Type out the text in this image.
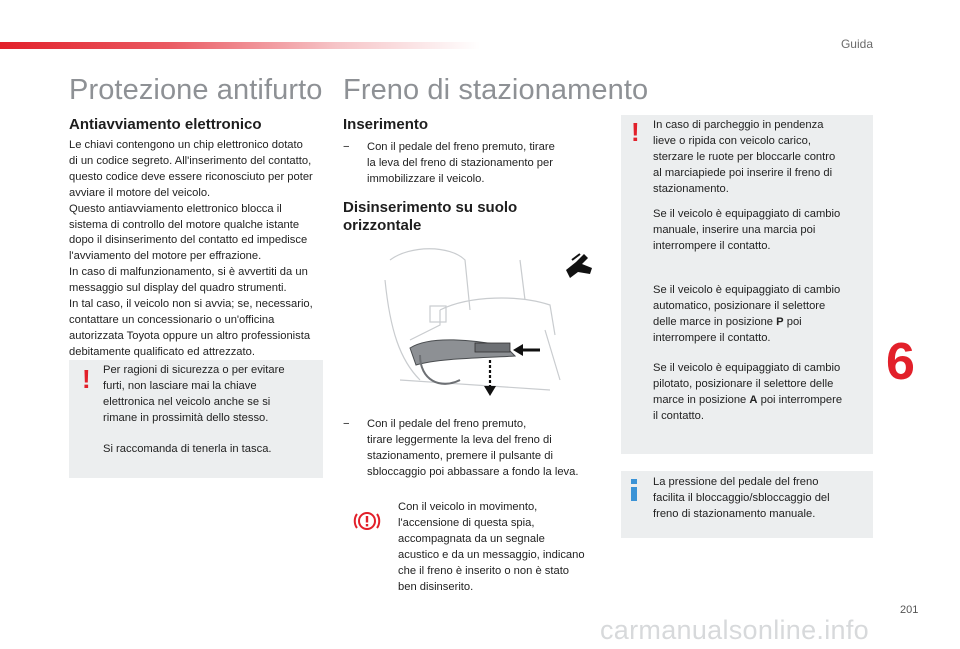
Guida
Protezione antifurto
Antiavviamento elettronico
Le chiavi contengono un chip elettronico dotato
di un codice segreto. All'inserimento del contatto,
questo codice deve essere riconosciuto per poter
avviare il motore del veicolo.
Questo antiavviamento elettronico blocca il
sistema di controllo del motore qualche istante
dopo il disinserimento del contatto ed impedisce
l'avviamento del motore per effrazione.
In caso di malfunzionamento, si è avvertiti da un
messaggio sul display del quadro strumenti.
In tal caso, il veicolo non si avvia; se, necessario,
contattare un concessionario o un'officina
autorizzata Toyota oppure un altro professionista
debitamente qualificato ed attrezzato.
! Per ragioni di sicurezza o per evitare
furti, non lasciare mai la chiave
elettronica nel veicolo anche se si
rimane in prossimità dello stesso.
Si raccomanda di tenerla in tasca.
Freno di stazionamento
Inserimento
−	Con il pedale del freno premuto, tirare
la leva del freno di stazionamento per
immobilizzare il veicolo.
Disinserimento su suolo
orizzontale
−	Con il pedale del freno premuto,
tirare leggermente la leva del freno di
stazionamento, premere il pulsante di
sbloccaggio poi abbassare a fondo la leva.
Con il veicolo in movimento,
l'accensione di questa spia,
accompagnata da un segnale
acustico e da un messaggio, indicano
che il freno è inserito o non è stato
ben disinserito.
! In caso di parcheggio in pendenza
lieve o ripida con veicolo carico,
sterzare le ruote per bloccarle contro
al marciapiede poi inserire il freno di
stazionamento.
Se il veicolo è equipaggiato di cambio
manuale, inserire una marcia poi
interrompere il contatto.
Se il veicolo è equipaggiato di cambio
automatico, posizionare il selettore
delle marce in posizione P poi
interrompere il contatto.
Se il veicolo è equipaggiato di cambio
pilotato, posizionare il selettore delle
marce in posizione A poi interrompere
il contatto.
La pressione del pedale del freno
facilita il bloccaggio/sbloccaggio del
freno di stazionamento manuale.
6
201
carmanualsonline.info
